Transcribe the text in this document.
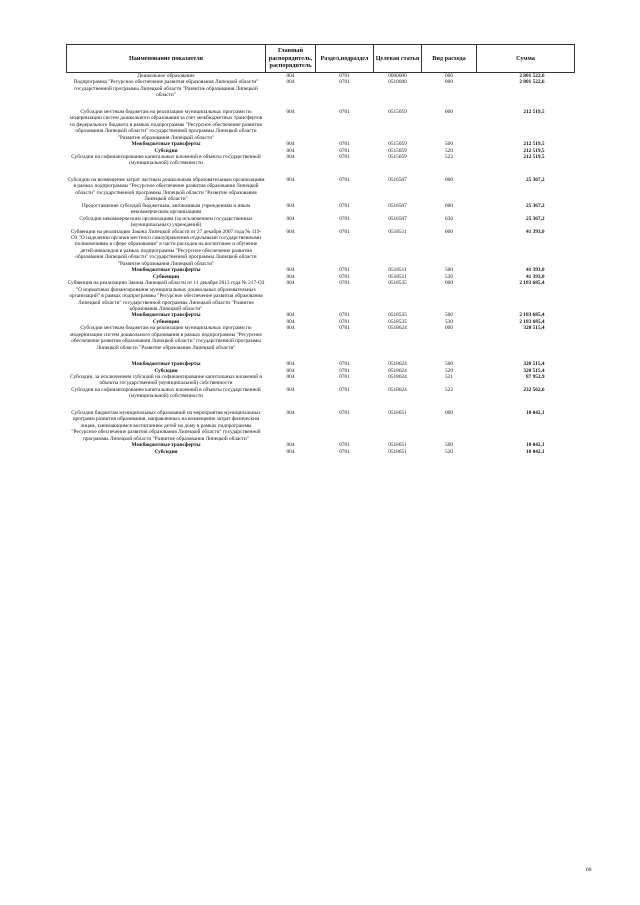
Наименование показателя	Главный распорядитель, распорядитель	Раздел,подраздел	Целевая статья	Вид расхода	Сумма
Дошкольное образование	004	0701	0000000	000	2 801 522,6
Подпрограмма "Ресурсное обеспечение развития образования Липецкой области" государственной программы Липецкой области "Развитие образования Липецкой области"	004	0701	0510000	000	2 801 522,6
Субсидии местным бюджетам на реализацию муниципальных программ по модернизации систем дошкольного образования за счет межбюджетных трансфертов из федерального бюджета в рамках подпрограммы "Ресурсное обеспечение развития образования Липецкой области" государственной программы Липецкой области "Развитие образования Липецкой области"	004	0701	0515059	000	212 519,5
Межбюджетные трансферты	004	0701	0515059	500	212 519,5
Субсидии	004	0701	0515059	520	212 519,5
Субсидии на софинансирование капитальных вложений в объекты государственной (муниципальной) собственности	004	0701	0515059	522	212 519,5
Субсидии на возмещение затрат частным дошкольным образовательным организациям в рамках подпрограммы "Ресурсное обеспечение развития образования Липецкой области" государственной программы Липецкой области "Развитие образования Липецкой области"	004	0701	0516507	000	25 367,2
Предоставление субсидий бюджетным, автономным учреждениям и иным некоммерческим организациям	004	0701	0516507	600	25 367,2
Субсидии некоммерческим организациям (за исключением государственных (муниципальных) учреждений)	004	0701	0516507	630	25 367,2
Субвенции на реализацию Закона Липецкой области от 27 декабря 2007 года № 119-ОЗ "О наделении органов местного самоуправления отдельными государственными полномочиями в сфере образования" в части расходов на воспитание и обучение детей-инвалидов в рамках подпрограммы "Ресурсное обеспечение развития образования Липецкой области" государственной программы Липецкой области "Развитие образования Липецкой области"	004	0701	0518511	000	41 393,0
Межбюджетные трансферты	004	0701	0518511	500	41 393,0
Субвенции	004	0701	0518511	530	41 393,0
Субвенция на реализацию Закона Липецкой области от 11 декабря 2013 года № 217-ОЗ "О нормативах финансирования муниципальных дошкольных образовательных организаций" в рамках подпрограммы "Ресурсное обеспечение развития образования Липецкой области" государственной программы Липецкой области "Развитие образования Липецкой области"	004	0701	0518535	000	2 183 685,4
Межбюджетные трансферты	004	0701	0518535	500	2 183 685,4
Субвенции	004	0701	0518535	530	2 183 685,4
Субсидии местным бюджетам на реализацию муниципальных программ по модернизации систем дошкольного образования в рамках подпрограммы "Ресурсное обеспечение развития образования Липецкой области" государственной программы Липецкой области "Развитие образования Липецкой области"	004	0701	0518624	000	320 515,4
Межбюджетные трансферты	004	0701	0518624	500	320 515,4
Субсидии	004	0701	0518624	520	320 515,4
Субсидии, за исключением субсидий на софинансирование капитальных вложений в объекты государственной (муниципальной) собственности	004	0701	0518624	521	87 952,9
Субсидии на софинансирование капитальных вложений в объекты государственной (муниципальной) собственности	004	0701	0518624	522	232 562,6
Субсидии бюджетам муниципальных образований на мероприятия муниципальных программ развития образования, направленных на возмещение затрат физическим лицам, занимающимся воспитанием детей на дому в рамках подпрограммы "Ресурсное обеспечение развития образования Липецкой области" государственной программы Липецкой области "Развитие образования Липецкой области"	004	0701	0518651	000	10 042,1
Межбюджетные трансферты	004	0701	0518651	500	10 042,1
Субсидии	004	0701	0518651	520	10 042,1
60
